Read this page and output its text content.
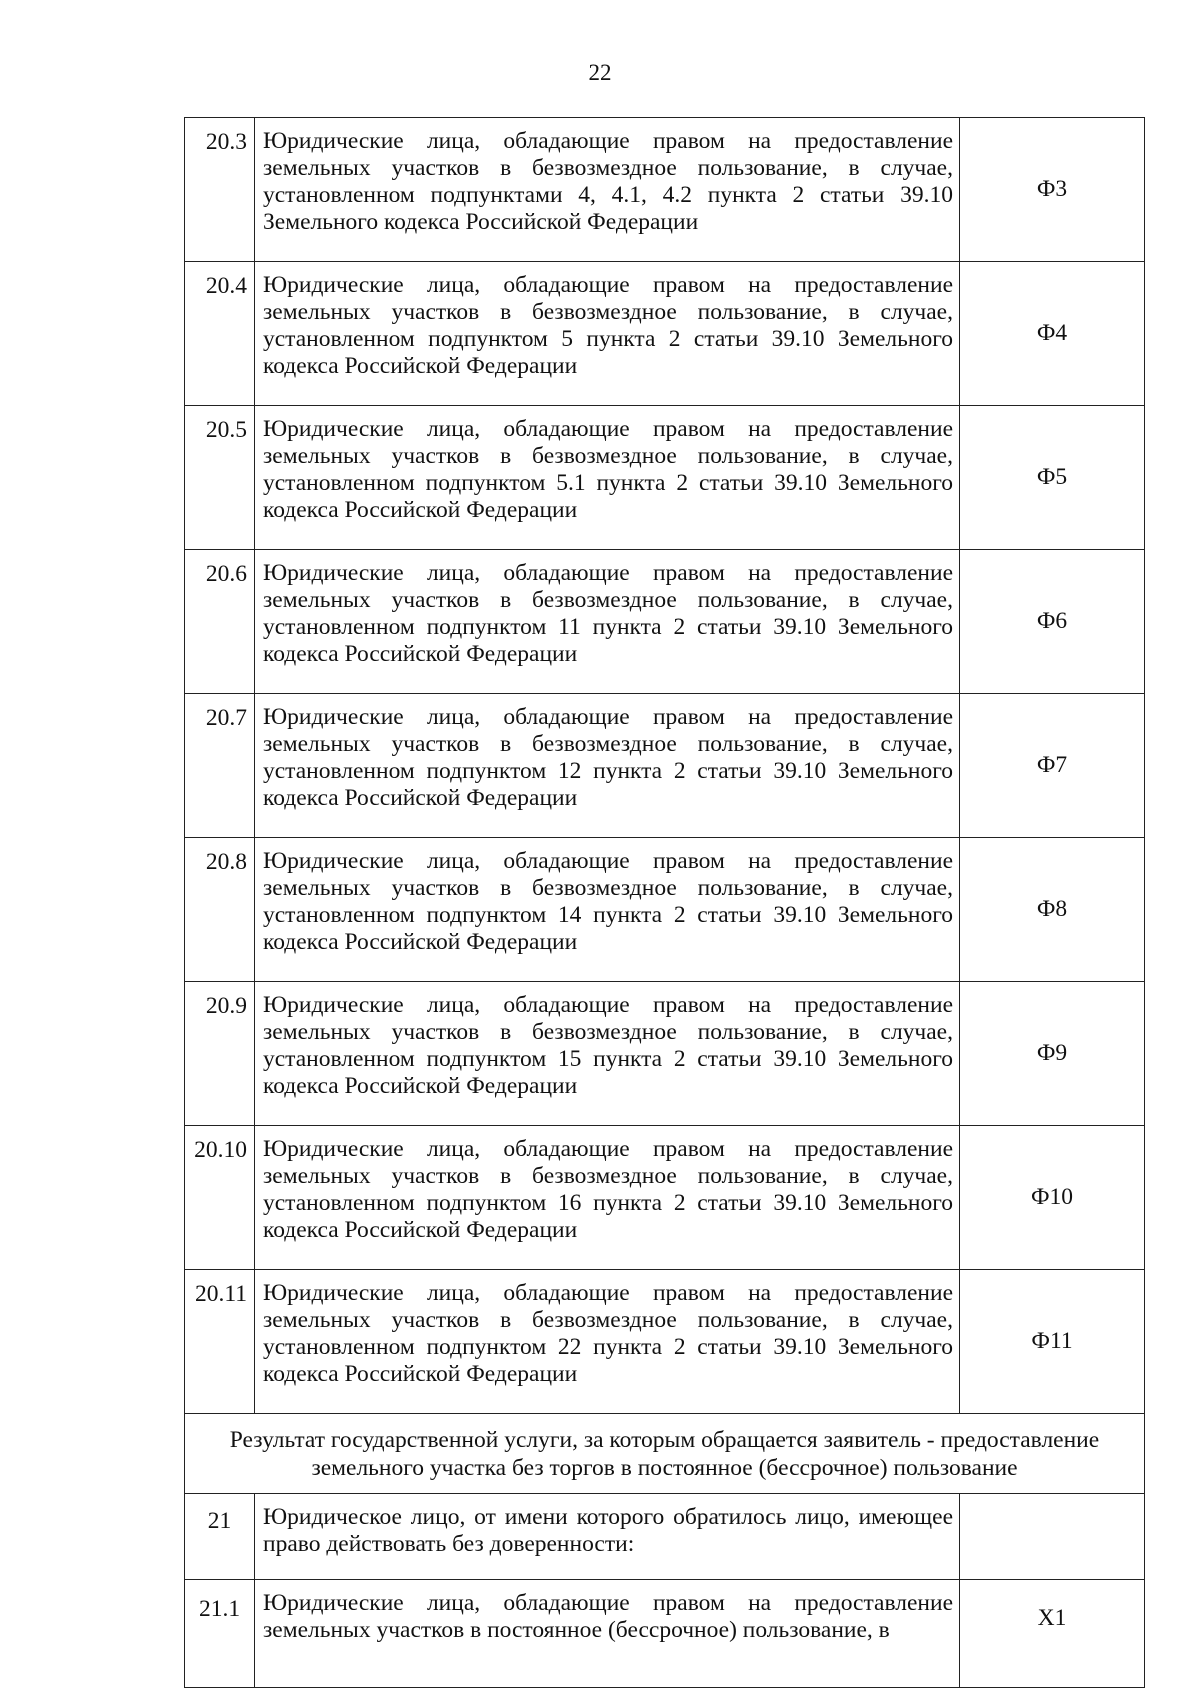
22
20.3	Юридические лица, обладающие правом на предоставление земельных участков в безвозмездное пользование, в случае, установленном подпунктами 4, 4.1, 4.2 пункта 2 статьи 39.10 Земельного кодекса Российской Федерации	Ф3
20.4	Юридические лица, обладающие правом на предоставление земельных участков в безвозмездное пользование, в случае, установленном подпунктом 5 пункта 2 статьи 39.10 Земельного кодекса Российской Федерации	Ф4
20.5	Юридические лица, обладающие правом на предоставление земельных участков в безвозмездное пользование, в случае, установленном подпунктом 5.1 пункта 2 статьи 39.10 Земельного кодекса Российской Федерации	Ф5
20.6	Юридические лица, обладающие правом на предоставление земельных участков в безвозмездное пользование, в случае, установленном подпунктом 11 пункта 2 статьи 39.10 Земельного кодекса Российской Федерации	Ф6
20.7	Юридические лица, обладающие правом на предоставление земельных участков в безвозмездное пользование, в случае, установленном подпунктом 12 пункта 2 статьи 39.10 Земельного кодекса Российской Федерации	Ф7
20.8	Юридические лица, обладающие правом на предоставление земельных участков в безвозмездное пользование, в случае, установленном подпунктом 14 пункта 2 статьи 39.10 Земельного кодекса Российской Федерации	Ф8
20.9	Юридические лица, обладающие правом на предоставление земельных участков в безвозмездное пользование, в случае, установленном подпунктом 15 пункта 2 статьи 39.10 Земельного кодекса Российской Федерации	Ф9
20.10	Юридические лица, обладающие правом на предоставление земельных участков в безвозмездное пользование, в случае, установленном подпунктом 16 пункта 2 статьи 39.10 Земельного кодекса Российской Федерации	Ф10
20.11	Юридические лица, обладающие правом на предоставление земельных участков в безвозмездное пользование, в случае, установленном подпунктом 22 пункта 2 статьи 39.10 Земельного кодекса Российской Федерации	Ф11
Результат государственной услуги, за которым обращается заявитель - предоставление земельного участка без торгов в постоянное (бессрочное) пользование		
21	Юридическое лицо, от имени которого обратилось лицо, имеющее право действовать без доверенности:	
21.1	Юридические лица, обладающие правом на предоставление земельных участков в постоянное (бессрочное) пользование, в	Х1
